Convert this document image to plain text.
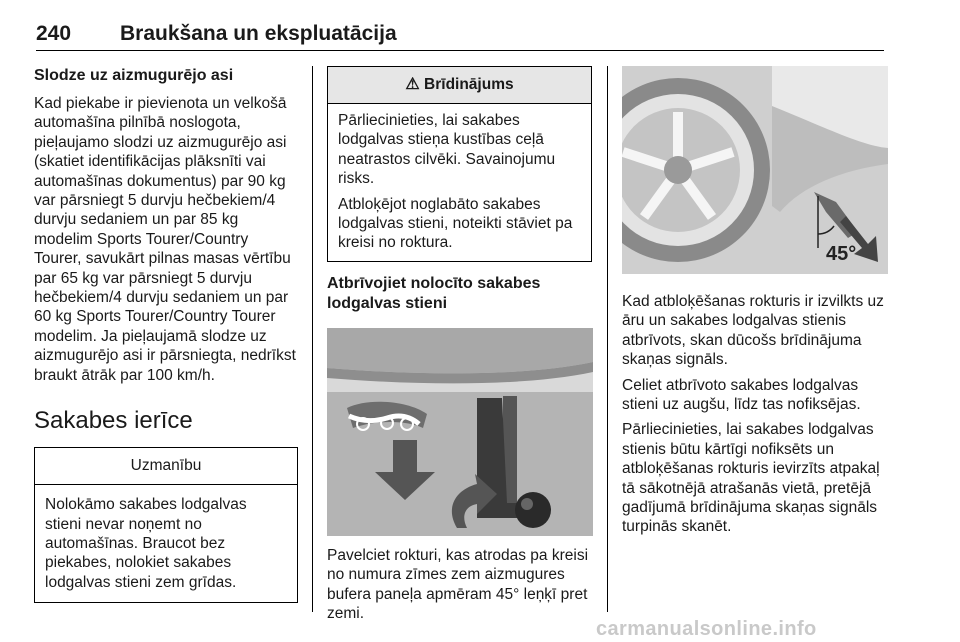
240 Braukšana un ekspluatācija
Slodze uz aizmugurējo asi

Kad piekabe ir pievienota un velkošā automašīna pilnībā noslogota, pieļaujamo slodzi uz aizmugurējo asi (skatiet identifikācijas plāksnīti vai automašīnas dokumentus) par 90 kg var pārsniegt 5 durvju hečbekiem/4 durvju sedaniem un par 85 kg modelim Sports Tourer/Country Tourer, savukārt pilnas masas vērtību par 65 kg var pārsniegt 5 durvju hečbekiem/4 durvju sedaniem un par 60 kg Sports Tourer/Country Tourer modelim. Ja pieļaujamā slodze uz aizmugurējo asi ir pārsniegta, nedrīkst braukt ātrāk par 100 km/h.

Sakabes ierīce
Uzmanību

Nolokāmo sakabes lodgalvas stieni nevar noņemt no automašīnas. Braucot bez piekabes, nolokiet sakabes lodgalvas stieni zem grīdas.

⚠ Brīdinājums

Pārliecinieties, lai sakabes lodgalvas stieņa kustības ceļā neatrastos cilvēki. Savainojumu risks.

Atbloķējot noglabāto sakabes lodgalvas stieni, noteikti stāviet pa kreisi no roktura.

Atbrīvojiet nolocīto sakabes lodgalvas stieni

Pavelciet rokturi, kas atrodas pa kreisi no numura zīmes zem aizmugures bufera paneļa apmēram 45° leņķī pret zemi.

45°

Kad atbloķēšanas rokturis ir izvilkts uz āru un sakabes lodgalvas stienis atbrīvots, skan dūcošs brīdinājuma skaņas signāls.

Celiet atbrīvoto sakabes lodgalvas stieni uz augšu, līdz tas nofiksējas.

Pārliecinieties, lai sakabes lodgalvas stienis būtu kārtīgi nofiksēts un atbloķēšanas rokturis ievirzīts atpakaļ tā sākotnējā atrašanās vietā, pretējā gadījumā brīdinājuma skaņas signāls turpinās skanēt.

carmanualsonline.info
